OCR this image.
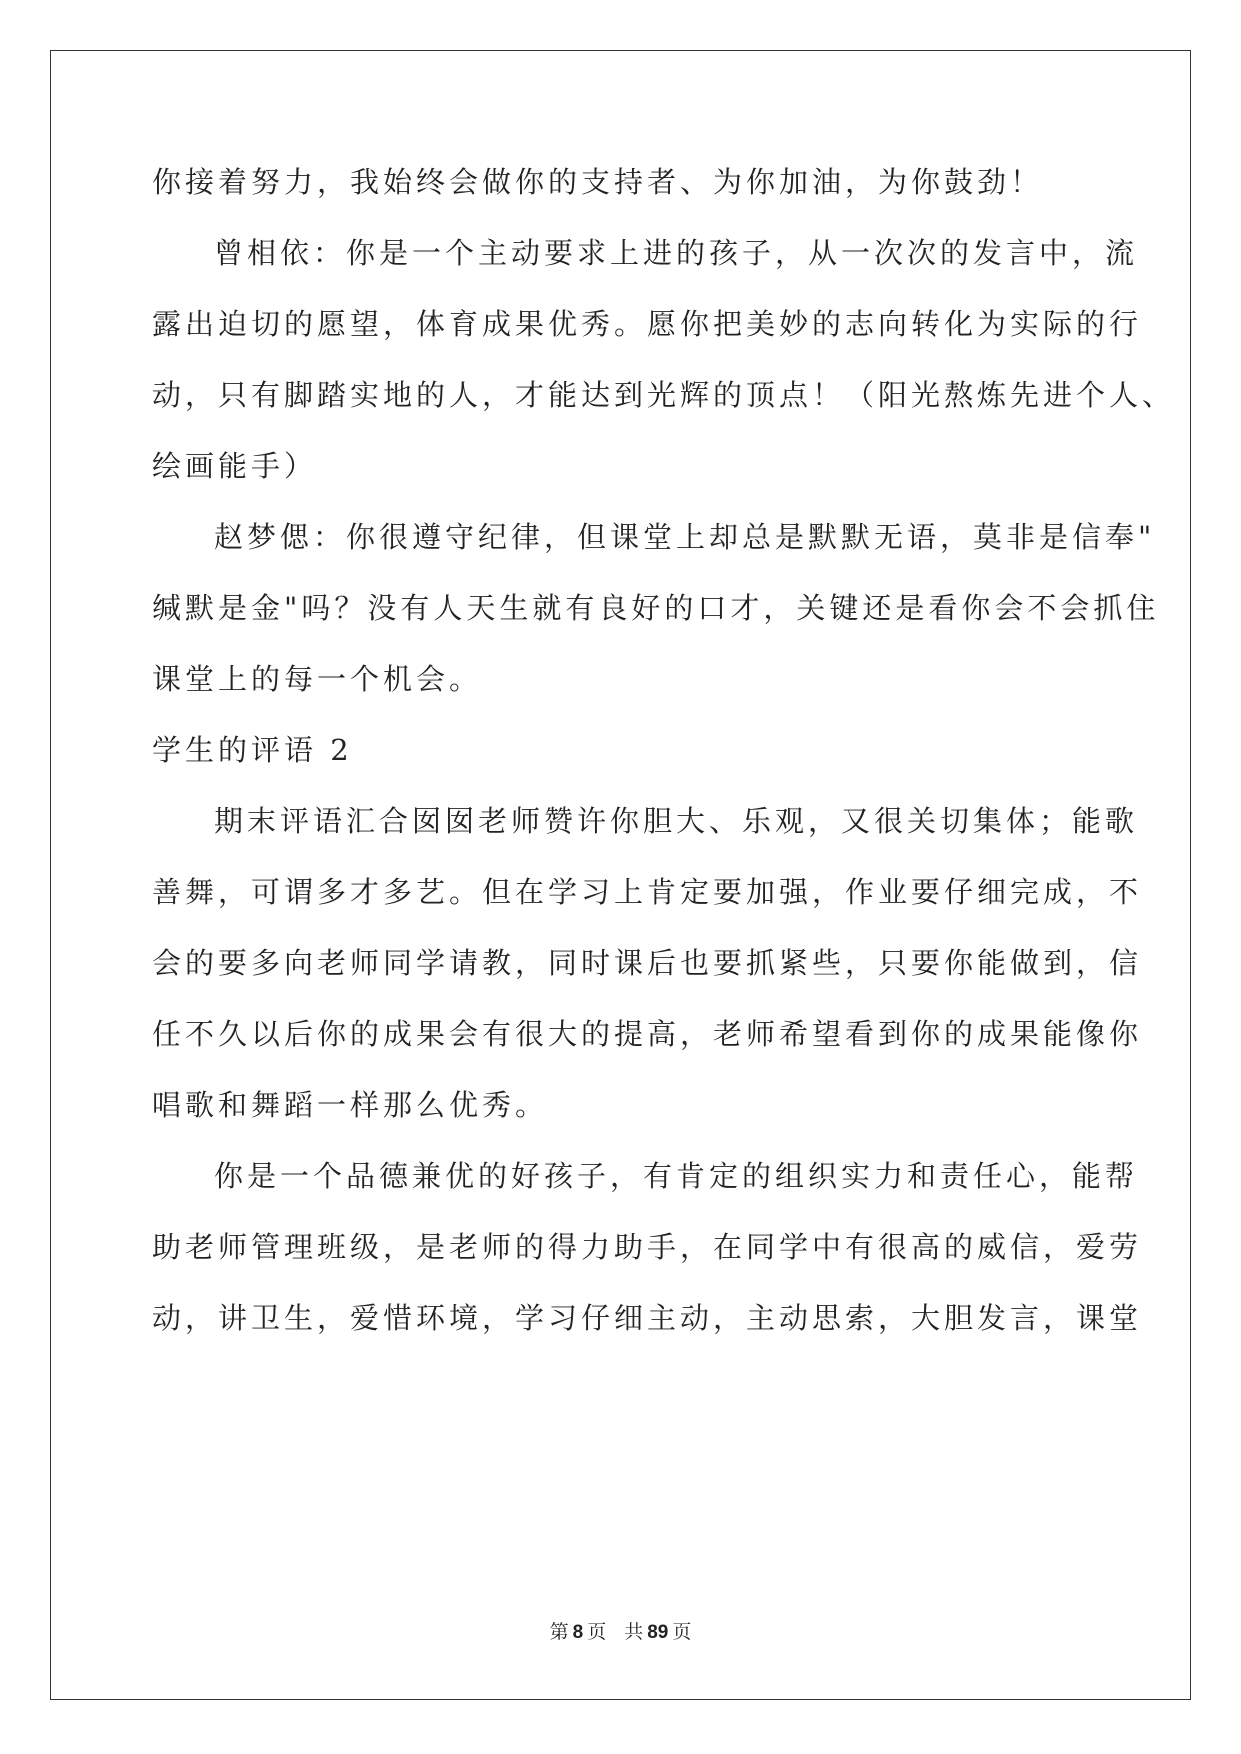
你接着努力，我始终会做你的支持者、为你加油，为你鼓劲！
曾相依：你是一个主动要求上进的孩子，从一次次的发言中，流
露出迫切的愿望，体育成果优秀。愿你把美妙的志向转化为实际的行
动，只有脚踏实地的人，才能达到光辉的顶点！（阳光熬炼先进个人、
绘画能手）
赵梦偲：你很遵守纪律，但课堂上却总是默默无语，莫非是信奉"
缄默是金"吗？没有人天生就有良好的口才，关键还是看你会不会抓住
课堂上的每一个机会。
学生的评语 2
期末评语汇合囡囡老师赞许你胆大、乐观，又很关切集体；能歌
善舞，可谓多才多艺。但在学习上肯定要加强，作业要仔细完成，不
会的要多向老师同学请教，同时课后也要抓紧些，只要你能做到，信
任不久以后你的成果会有很大的提高，老师希望看到你的成果能像你
唱歌和舞蹈一样那么优秀。
你是一个品德兼优的好孩子，有肯定的组织实力和责任心，能帮
助老师管理班级，是老师的得力助手，在同学中有很高的威信，爱劳
动，讲卫生，爱惜环境，学习仔细主动，主动思索，大胆发言，课堂
第 8 页 共 89 页
